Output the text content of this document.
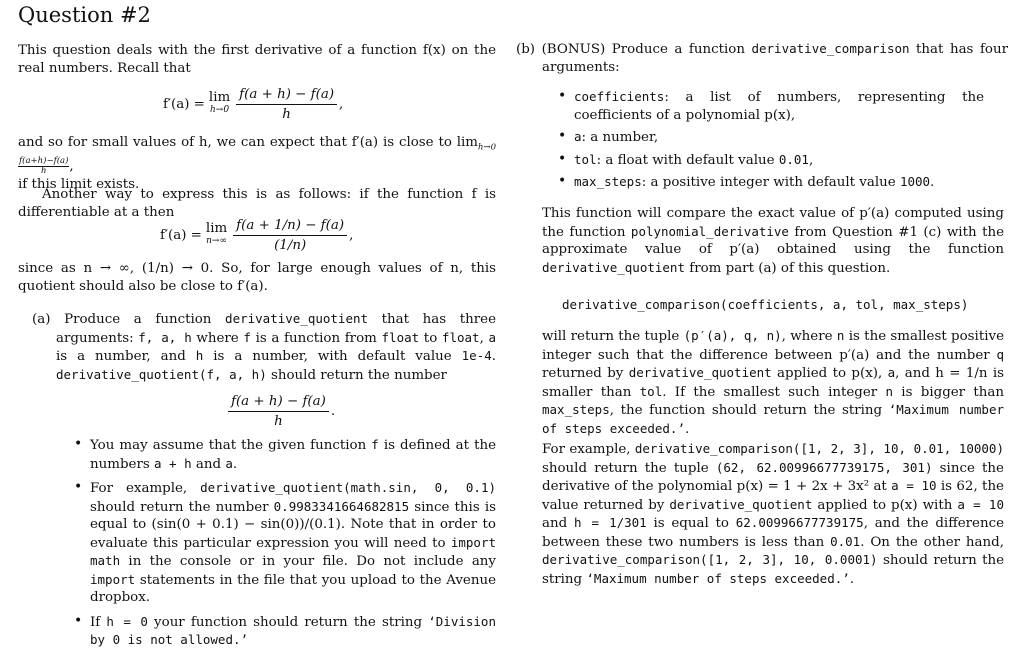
Question #2

This question deals with the first derivative of a function f(x) on the real numbers. Recall that

f′(a) = lim
$h\to 0 \frac{f(a + h) - f(a)}{h}$ ,

and so for small values of h, we can expect that f′(a) is close to $\lim_{h\to 0}$
$\frac{f(a+h)-f(a)}{h}$ ,
if this limit exists.

Another way to express this is as follows: if the function f is differentiable at a then

f′(a) = lim
$n\to\infty \frac{f(a + 1/n) - f(a)}{(1/n)}$ ,

since as n → ∞, (1/n) → 0. So, for large enough values of n, this quotient should also be close to f′(a).

(a) Produce a function derivative_quotient that has three arguments: f, a, h where f is a function from float to float, a is a number, and h is a number, with default value 1e-4. derivative_quotient(f, a, h) should return the number

$\frac{f(a + h) - f(a)}{h}$ .

• You may assume that the given function f is defined at the numbers a + h and a.

• For example, derivative_quotient(math.sin, 0, 0.1) should return the number 0.9983341664682815 since this is equal to (sin(0 + 0.1) − sin(0))/(0.1). Note that in order to evaluate this particular expression you will need to import math in the console or in your file. Do not include any import statements in the file that you upload to the Avenue dropbox.

• If h = 0 your function should return the string ‘Division by 0 is not allowed.’

(b) (BONUS) Produce a function derivative_comparison that has four arguments:

• coefficients: a list of numbers, representing the coefficients of a polynomial p(x),

• a: a number,

• tol: a float with default value 0.01,

• max_steps: a positive integer with default value 1000.

This function will compare the exact value of p′(a) computed using the function polynomial_derivative from Question #1 (c) with the approximate value of p′(a) obtained using the function derivative_quotient from part (a) of this question.

derivative_comparison(coefficients, a, tol, max_steps)

will return the tuple (p′(a), q, n), where n is the smallest positive integer such that the difference between p′(a) and the number q returned by derivative_quotient applied to p(x), a, and h = 1/n is smaller than tol. If the smallest such integer n is bigger than max_steps, the function should return the string ‘Maximum number of steps exceeded.’.

For example, derivative_comparison([1, 2, 3], 10, 0.01, 10000) should return the tuple (62, 62.00996677739175, 301) since the derivative of the polynomial p(x) = 1 + 2x + 3x² at a = 10 is 62, the value returned by derivative_quotient applied to p(x) with a = 10 and h = 1/301 is equal to 62.00996677739175, and the difference between these two numbers is less than 0.01. On the other hand, derivative_comparison([1, 2, 3], 10, 0.0001) should return the string ‘Maximum number of steps exceeded.’.
